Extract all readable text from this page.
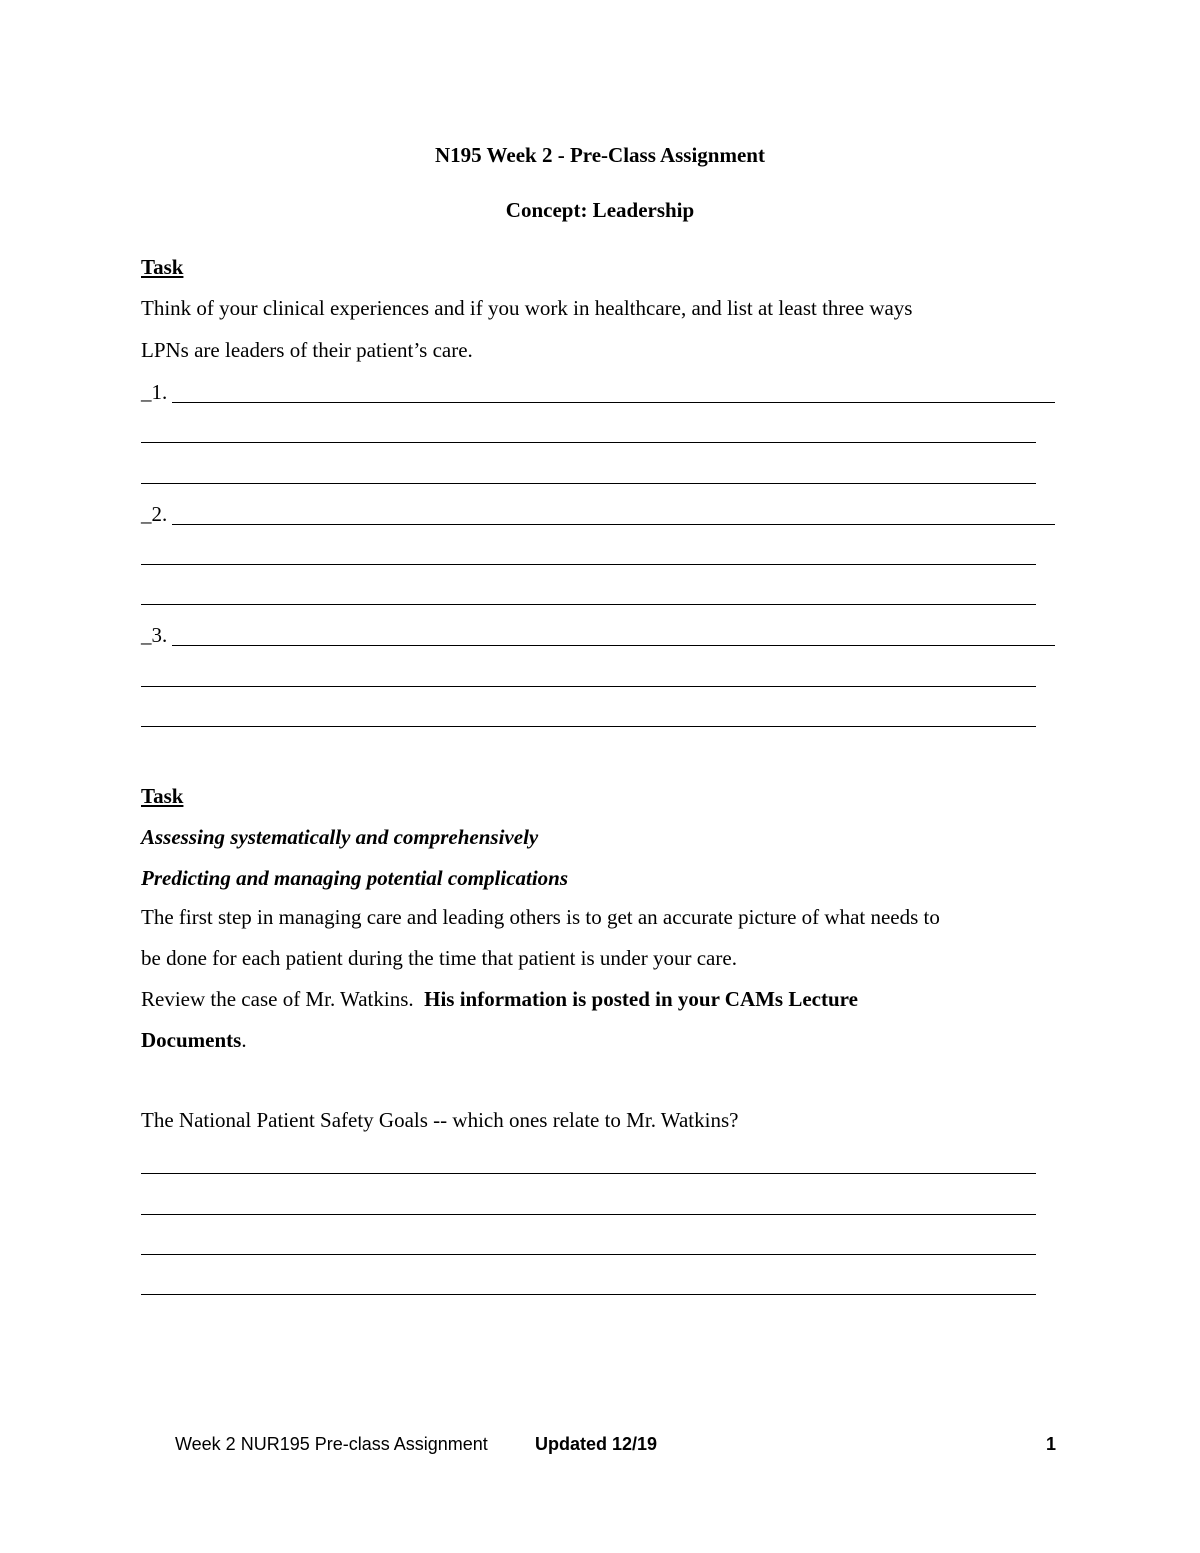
N195 Week 2 - Pre-Class Assignment
Concept: Leadership
Task
Think of your clinical experiences and if you work in healthcare, and list at least three ways
LPNs are leaders of their patient’s care.
_1.
_2.
_3.
Task
Assessing systematically and comprehensively
Predicting and managing potential complications
The first step in managing care and leading others is to get an accurate picture of what needs to
be done for each patient during the time that patient is under your care.
Review the case of Mr. Watkins.  His information is posted in your CAMs Lecture
Documents.
The National Patient Safety Goals -- which ones relate to Mr. Watkins?
Week 2 NUR195 Pre-class Assignment	Updated 12/19	1
